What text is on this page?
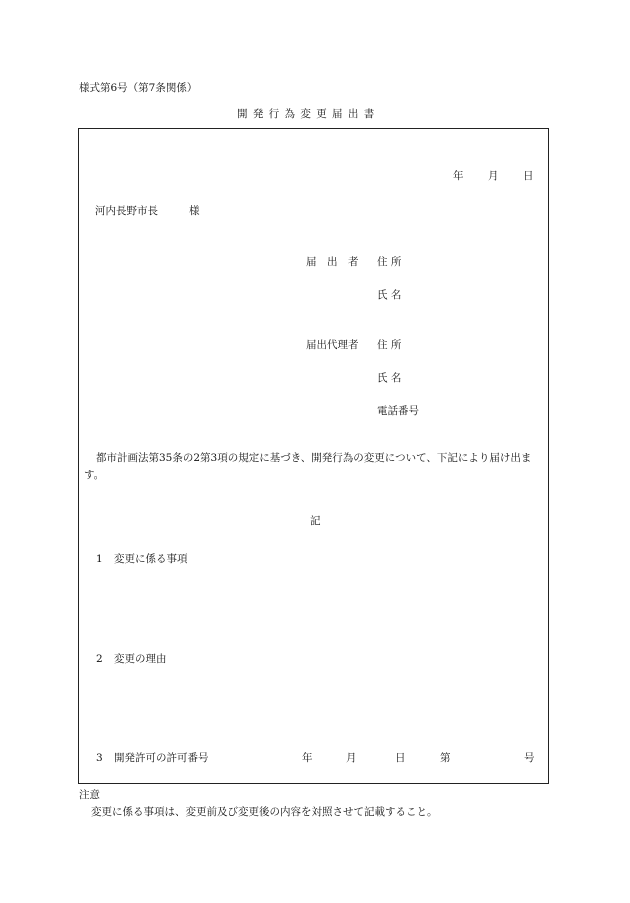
様式第6号（第7条関係）
開 発 行 為 変 更 届 出 書
年 月 日
河内長野市長	様
届　出　者 住 所
氏 名
届出代理者 住 所
氏 名
電話番号
都市計画法第35条の2第3項の規定に基づき、開発行為の変更について、下記により届け出ます。
記
1 変更に係る事項
2 変更の理由
3 開発許可の許可番号	年	月	日	第	号
注意
変更に係る事項は、変更前及び変更後の内容を対照させて記載すること。
